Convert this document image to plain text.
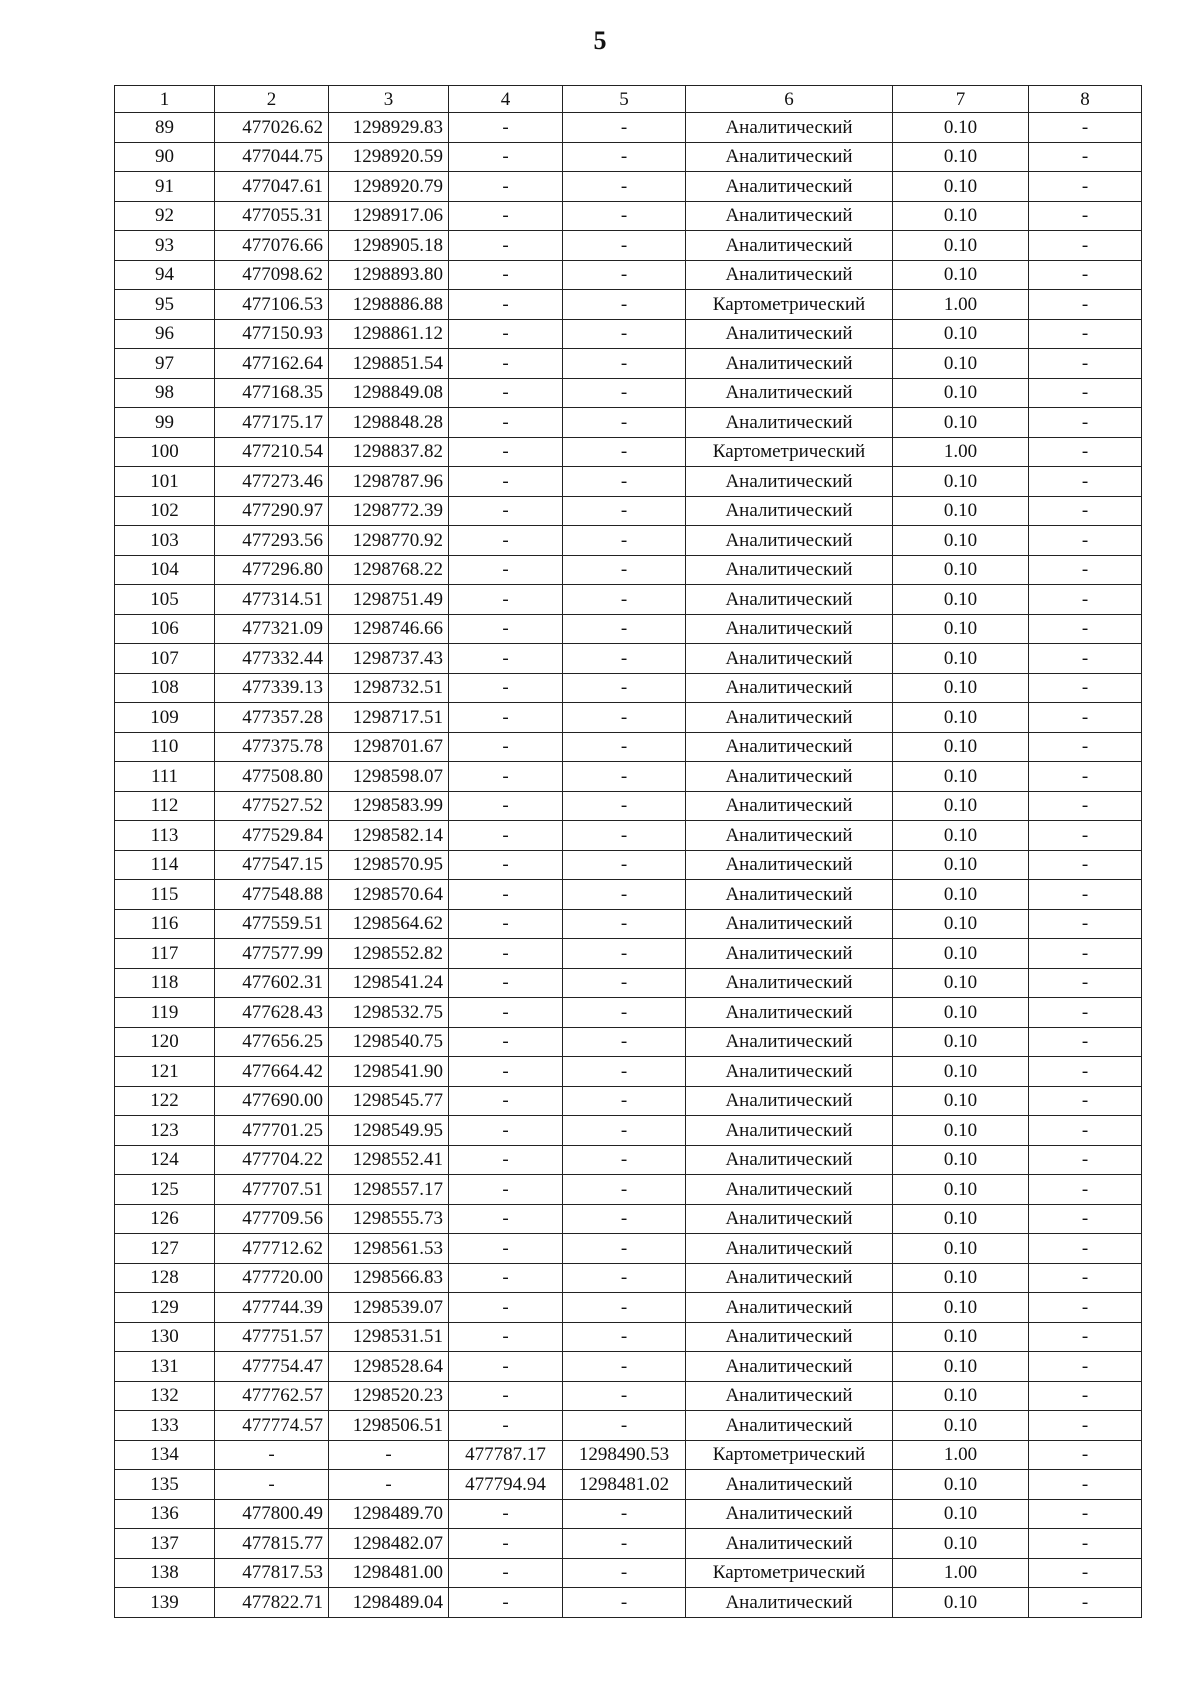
5
1	2	3	4	5	6	7	8
89	477026.62	1298929.83	-	-	Аналитический	0.10	-
90	477044.75	1298920.59	-	-	Аналитический	0.10	-
91	477047.61	1298920.79	-	-	Аналитический	0.10	-
92	477055.31	1298917.06	-	-	Аналитический	0.10	-
93	477076.66	1298905.18	-	-	Аналитический	0.10	-
94	477098.62	1298893.80	-	-	Аналитический	0.10	-
95	477106.53	1298886.88	-	-	Картометрический	1.00	-
96	477150.93	1298861.12	-	-	Аналитический	0.10	-
97	477162.64	1298851.54	-	-	Аналитический	0.10	-
98	477168.35	1298849.08	-	-	Аналитический	0.10	-
99	477175.17	1298848.28	-	-	Аналитический	0.10	-
100	477210.54	1298837.82	-	-	Картометрический	1.00	-
101	477273.46	1298787.96	-	-	Аналитический	0.10	-
102	477290.97	1298772.39	-	-	Аналитический	0.10	-
103	477293.56	1298770.92	-	-	Аналитический	0.10	-
104	477296.80	1298768.22	-	-	Аналитический	0.10	-
105	477314.51	1298751.49	-	-	Аналитический	0.10	-
106	477321.09	1298746.66	-	-	Аналитический	0.10	-
107	477332.44	1298737.43	-	-	Аналитический	0.10	-
108	477339.13	1298732.51	-	-	Аналитический	0.10	-
109	477357.28	1298717.51	-	-	Аналитический	0.10	-
110	477375.78	1298701.67	-	-	Аналитический	0.10	-
111	477508.80	1298598.07	-	-	Аналитический	0.10	-
112	477527.52	1298583.99	-	-	Аналитический	0.10	-
113	477529.84	1298582.14	-	-	Аналитический	0.10	-
114	477547.15	1298570.95	-	-	Аналитический	0.10	-
115	477548.88	1298570.64	-	-	Аналитический	0.10	-
116	477559.51	1298564.62	-	-	Аналитический	0.10	-
117	477577.99	1298552.82	-	-	Аналитический	0.10	-
118	477602.31	1298541.24	-	-	Аналитический	0.10	-
119	477628.43	1298532.75	-	-	Аналитический	0.10	-
120	477656.25	1298540.75	-	-	Аналитический	0.10	-
121	477664.42	1298541.90	-	-	Аналитический	0.10	-
122	477690.00	1298545.77	-	-	Аналитический	0.10	-
123	477701.25	1298549.95	-	-	Аналитический	0.10	-
124	477704.22	1298552.41	-	-	Аналитический	0.10	-
125	477707.51	1298557.17	-	-	Аналитический	0.10	-
126	477709.56	1298555.73	-	-	Аналитический	0.10	-
127	477712.62	1298561.53	-	-	Аналитический	0.10	-
128	477720.00	1298566.83	-	-	Аналитический	0.10	-
129	477744.39	1298539.07	-	-	Аналитический	0.10	-
130	477751.57	1298531.51	-	-	Аналитический	0.10	-
131	477754.47	1298528.64	-	-	Аналитический	0.10	-
132	477762.57	1298520.23	-	-	Аналитический	0.10	-
133	477774.57	1298506.51	-	-	Аналитический	0.10	-
134	-	-	477787.17	1298490.53	Картометрический	1.00	-
135	-	-	477794.94	1298481.02	Аналитический	0.10	-
136	477800.49	1298489.70	-	-	Аналитический	0.10	-
137	477815.77	1298482.07	-	-	Аналитический	0.10	-
138	477817.53	1298481.00	-	-	Картометрический	1.00	-
139	477822.71	1298489.04	-	-	Аналитический	0.10	-
